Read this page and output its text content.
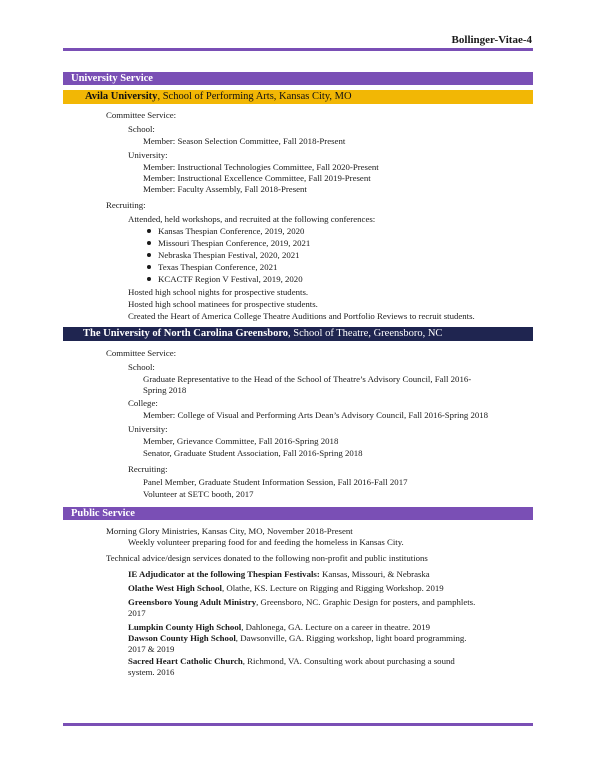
Bollinger-Vitae-4
University Service
Avila University, School of Performing Arts, Kansas City, MO
Committee Service:
School:
Member: Season Selection Committee, Fall 2018-Present
University:
Member: Instructional Technologies Committee, Fall 2020-Present
Member: Instructional Excellence Committee, Fall 2019-Present
Member: Faculty Assembly, Fall 2018-Present
Recruiting:
Attended, held workshops, and recruited at the following conferences:
Kansas Thespian Conference, 2019, 2020
Missouri Thespian Conference, 2019, 2021
Nebraska Thespian Festival, 2020, 2021
Texas Thespian Conference, 2021
KCACTF Region V Festival, 2019, 2020
Hosted high school nights for prospective students.
Hosted high school matinees for prospective students.
Created the Heart of America College Theatre Auditions and Portfolio Reviews to recruit students.
The University of North Carolina Greensboro, School of Theatre, Greensboro, NC
Committee Service:
School:
Graduate Representative to the Head of the School of Theatre’s Advisory Council, Fall 2016-
Spring 2018
College:
Member: College of Visual and Performing Arts Dean’s Advisory Council, Fall 2016-Spring 2018
University:
Member, Grievance Committee, Fall 2016-Spring 2018
Senator, Graduate Student Association, Fall 2016-Spring 2018
Recruiting:
Panel Member, Graduate Student Information Session, Fall 2016-Fall 2017
Volunteer at SETC booth, 2017
Public Service
Morning Glory Ministries, Kansas City, MO, November 2018-Present
Weekly volunteer preparing food for and feeding the homeless in Kansas City.
Technical advice/design services donated to the following non-profit and public institutions
IE Adjudicator at the following Thespian Festivals: Kansas, Missouri, & Nebraska
Olathe West High School, Olathe, KS. Lecture on Rigging and Rigging Workshop. 2019
Greensboro Young Adult Ministry, Greensboro, NC. Graphic Design for posters, and pamphlets.
2017
Lumpkin County High School, Dahlonega, GA. Lecture on a career in theatre. 2019
Dawson County High School, Dawsonville, GA. Rigging workshop, light board programming.
2017 & 2019
Sacred Heart Catholic Church, Richmond, VA. Consulting work about purchasing a sound
system. 2016
